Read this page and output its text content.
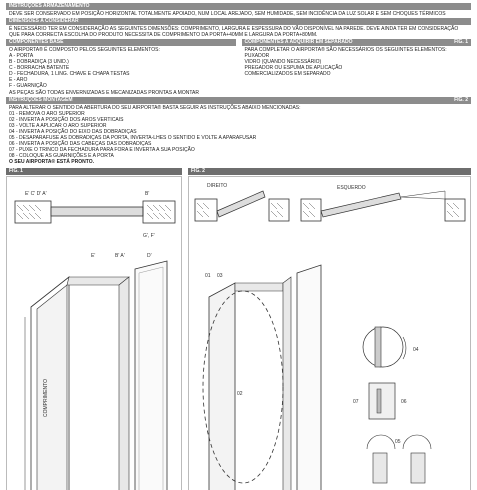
INSTRUÇÕES ARMAZENAMENTO
DEVE SER CONSERVADO EM POSIÇÃO HORIZONTAL TOTALMENTE APOIADO, NUM LOCAL AREJADO, SEM HUMIDADE, SEM INCIDÊNCIA DA LUZ SOLAR E SEM CHOQUES TÉRMICOS
DIMENSÕES A CONSIDERAR
É NECESSÁRIO TER EM CONSIDERAÇÃO AS SEGUINTES DIMENSÕES: COMPRIMENTO, LARGURA E ESPESSURA DO VÃO DISPONÍVEL NA PAREDE. DEVE AINDA TER EM CONSIDERAÇÃO QUE PARA CORRECTA ESCOLHA DO PRODUTO NECESSITA DE COMPRIMENTO DA PORTA+40MM E LARGURA DA PORTA+80MM.
COMPONENTES BASE
O AIRPORTA® É COMPOSTO PELOS SEGUINTES ELEMENTOS:
A - PORTA
B - DOBRADIÇA (3 UNID.)
C - BORRACHA BATENTE
D - FECHADURA, 1 LING. CHAVE E CHAPA TESTAS
E - ARO
F - GUARNIÇÃO
COMPONENTES A ADQUIRIR EM SEPARADO	FIG. 1
PARA COMPLETAR O AIRPORTA® SÃO NECESSÁRIOS OS SEGUINTES ELEMENTOS:
PUXADOR
VIDRO (QUANDO NECESSÁRIO)
PREGADOR OU ESPUMA DE APLICAÇÃO
COMERCIALIZADOS EM SEPARADO
AS PEÇAS SÃO TODAS ENVERNIZADAS E MECANIZADAS PRONTAS A MONTAR
INSTRUÇÕES MONTAGEM	FIG. 2
PARA ALTERAR O SENTIDO DA ABERTURA DO SEU AIRPORTA® BASTA SEGUIR AS INSTRUÇÕES ABAIXO MENCIONADAS:
01 - REMOVA O ARO SUPERIOR
02 - INVERTA A POSIÇÃO DOS AROS VERTICAIS
03 - VOLTE A APLICAR O ARO SUPERIOR
04 - INVERTA A POSIÇÃO DO EIXO DAS DOBRADIÇAS
05 - DESAPARAFUSE AS DOBRADIÇAS DA PORTA, INVERTA-LHES O SENTIDO E VOLTE A APARAFUSAR
06 - INVERTA A POSIÇÃO DAS CABEÇAS DAS DOBRADIÇAS
07 - PUXE O TRINCO DA FECHADURA PARA FORA E INVERTA A SUA POSIÇÃO
08 - COLOQUE AS GUARNIÇÕES E A PORTA
O SEU AIRPORTA® ESTÁ PRONTO.
FIG. 1	FIG. 2
E' C' D' A'	B'
G', F'
E'	B' A'	D'
COMPRIMENTO
DIREITO	ESQUERDO
01 03
02
04
07	06
05
